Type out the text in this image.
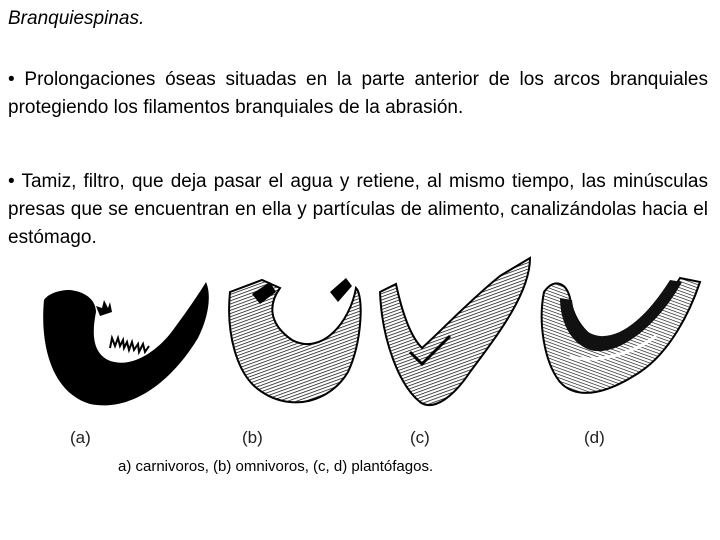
Branquiespinas.

• Prolongaciones óseas situadas en la parte anterior de los arcos branquiales protegiendo los filamentos branquiales de la abrasión.

• Tamiz, filtro, que deja pasar el agua y retiene, al mismo tiempo, las minúsculas presas que se encuentran en ella y partículas de alimento, canalizándolas hacia el estómago.

(a)	(b)	(c)	(d)

a) carnivoros, (b) omnivoros, (c, d) plantófagos.
